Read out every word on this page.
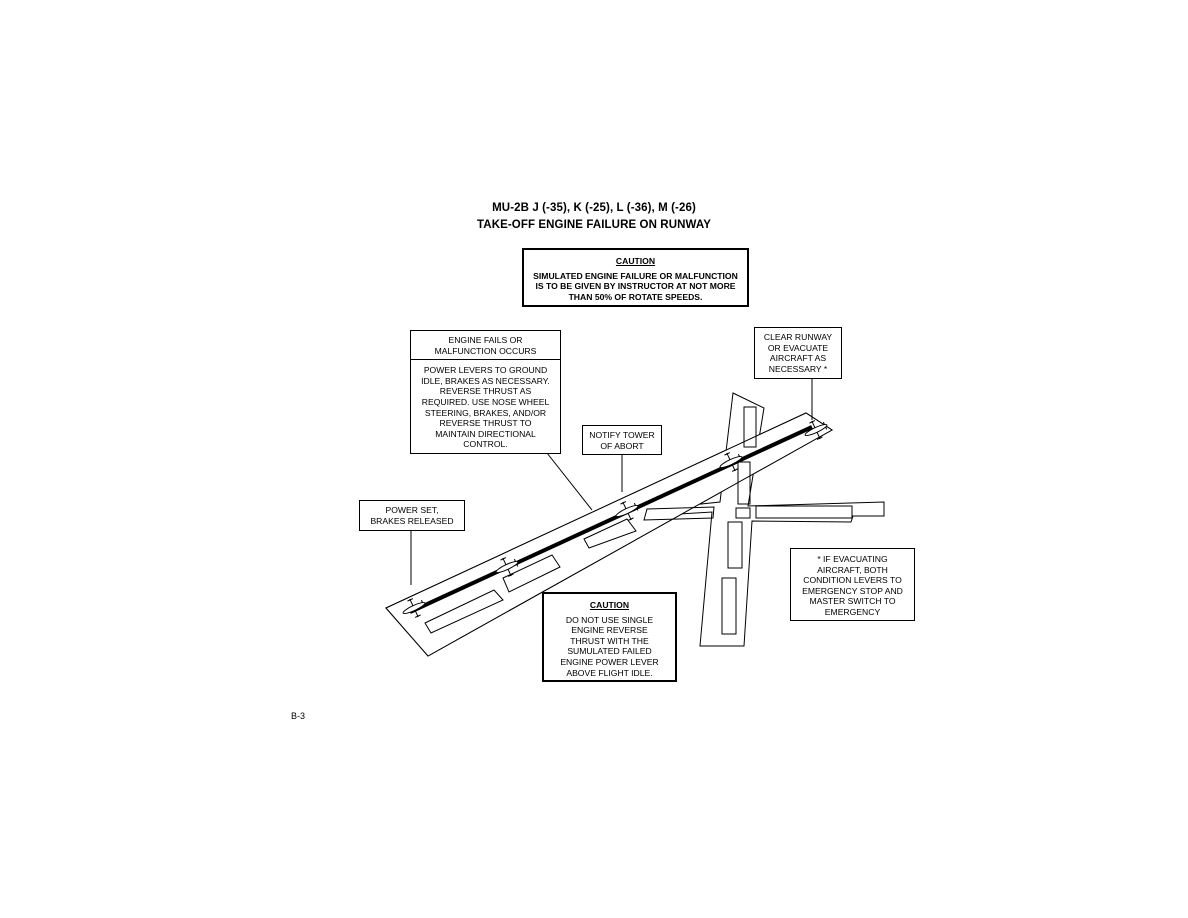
MU-2B J (-35), K (-25), L (-36), M (-26)
TAKE-OFF ENGINE FAILURE ON RUNWAY
CAUTION
SIMULATED ENGINE FAILURE OR MALFUNCTION
IS TO BE GIVEN BY INSTRUCTOR AT NOT MORE
THAN 50% OF ROTATE SPEEDS.
ENGINE FAILS OR
MALFUNCTION OCCURS
POWER LEVERS TO GROUND
IDLE, BRAKES AS NECESSARY.
REVERSE THRUST AS
REQUIRED. USE NOSE WHEEL
STEERING, BRAKES, AND/OR
REVERSE THRUST TO
MAINTAIN DIRECTIONAL
CONTROL.
NOTIFY TOWER
OF ABORT
CLEAR RUNWAY
OR EVACUATE
AIRCRAFT AS
NECESSARY *
POWER SET,
BRAKES RELEASED
* IF EVACUATING
AIRCRAFT, BOTH
CONDITION LEVERS TO
EMERGENCY STOP AND
MASTER SWITCH TO
EMERGENCY
CAUTION
DO NOT USE SINGLE
ENGINE REVERSE
THRUST WITH THE
SUMULATED FAILED
ENGINE POWER LEVER
ABOVE FLIGHT IDLE.
B-3
